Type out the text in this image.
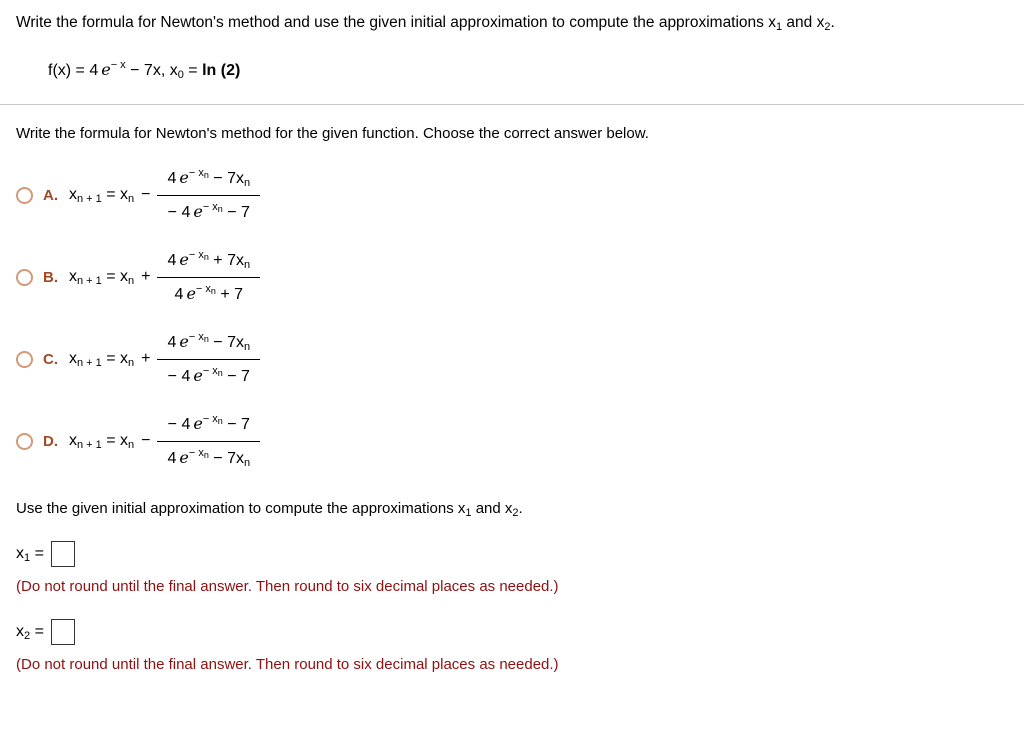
Write the formula for Newton's method and use the given initial approximation to compute the approximations $x_1$ and $x_2$.
f(x) = 4 $e^{- x} - 7x$, $x_0 = \ln (2)$
Write the formula for Newton's method for the given function. Choose the correct answer below.
A. $x_{n + 1} = x_n - \frac{4 e^{- x_n} - 7x_n}{- 4 e^{- x_n} - 7}$
B. $x_{n + 1} = x_n + \frac{4 e^{- x_n} + 7x_n}{4 e^{- x_n} + 7}$
C. $x_{n + 1} = x_n + \frac{4 e^{- x_n} - 7x_n}{- 4 e^{- x_n} - 7}$
D. $x_{n + 1} = x_n - \frac{- 4 e^{- x_n} - 7}{4 e^{- x_n} - 7x_n}$
Use the given initial approximation to compute the approximations $x_1$ and $x_2$.
$x_1$ =
(Do not round until the final answer. Then round to six decimal places as needed.)
$x_2$ =
(Do not round until the final answer. Then round to six decimal places as needed.)
